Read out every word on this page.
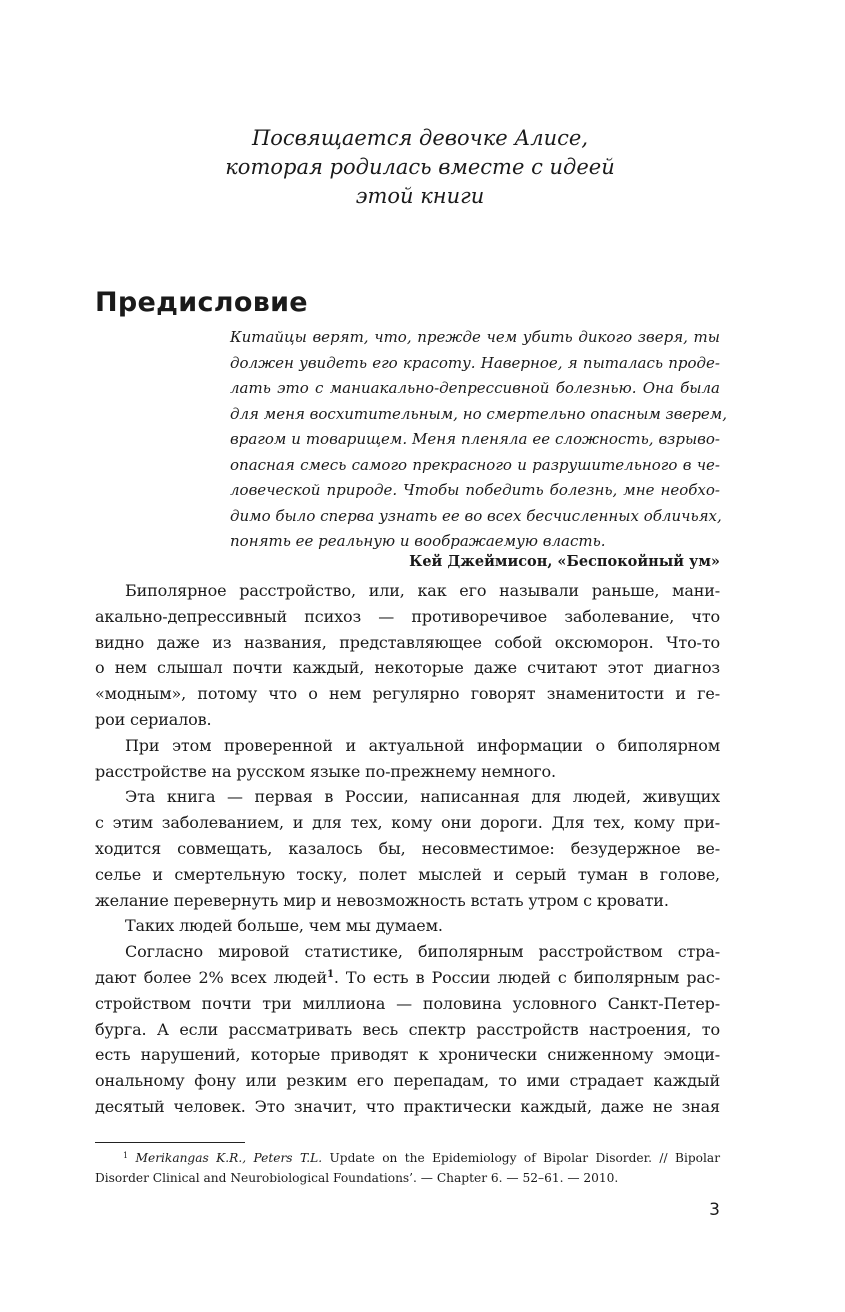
Посвящается девочке Алисе,
которая родилась вместе с идеей
этой книги
Предисловие
Китайцы верят, что, прежде чем убить дикого зверя, ты
должен увидеть его красоту. Наверное, я пыталась проде-
лать это с маниакально-депрессивной болезнью. Она была
для меня восхитительным, но смертельно опасным зверем,
врагом и товарищем. Меня пленяла ее сложность, взрыво-
опасная смесь самого прекрасного и разрушительного в че-
ловеческой природе. Чтобы победить болезнь, мне необхо-
димо было сперва узнать ее во всех бесчисленных обличьях,
понять ее реальную и воображаемую власть.
Кей Джеймисон, «Беспокойный ум»
Биполярное расстройство, или, как его называли раньше, мани-
акально-депрессивный психоз — противоречивое заболевание, что
видно даже из названия, представляющее собой оксюморон. Что-то
о нем слышал почти каждый, некоторые даже считают этот диагноз
«модным», потому что о нем регулярно говорят знаменитости и ге-
рои сериалов.
При этом проверенной и актуальной информации о биполярном
расстройстве на русском языке по-прежнему немного.
Эта книга — первая в России, написанная для людей, живущих
с этим заболеванием, и для тех, кому они дороги. Для тех, кому при-
ходится совмещать, казалось бы, несовместимое: безудержное ве-
селье и смертельную тоску, полет мыслей и серый туман в голове,
желание перевернуть мир и невозможность встать утром с кровати.
Таких людей больше, чем мы думаем.
Согласно мировой статистике, биполярным расстройством стра-
дают более 2% всех людей$^1$. То есть в России людей с биполярным рас-
стройством почти три миллиона — половина условного Санкт-Петер-
бурга. А если рассматривать весь спектр расстройств настроения, то
есть нарушений, которые приводят к хронически сниженному эмоци-
ональному фону или резким его перепадам, то ими страдает каждый
десятый человек. Это значит, что практически каждый, даже не зная
$^1$ Merikangas K.R., Peters T.L. Update on the Epidemiology of Bipolar Disorder. // Bipolar
Disorder Clinical and Neurobiological Foundations’. — Chapter 6. — 52–61. — 2010.
3
